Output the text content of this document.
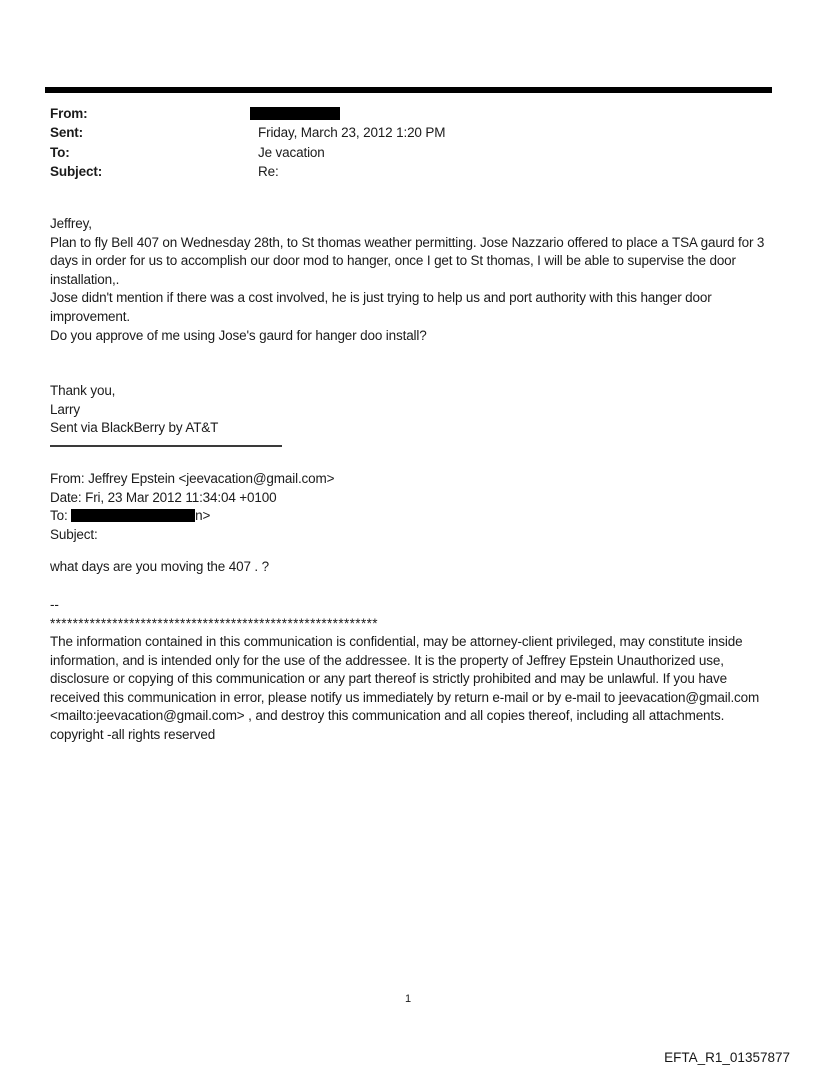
From:
Sent:	Friday, March 23, 2012 1:20 PM
To:	Je vacation
Subject:	Re:
Jeffrey,
Plan to fly Bell 407 on Wednesday 28th, to St thomas weather permitting. Jose Nazzario offered to place a TSA gaurd for 3 days in order for us to accomplish our door mod to hanger, once I get to St thomas, I will be able to supervise the door installation,.
Jose didn't mention if there was a cost involved, he is just trying to help us and port authority with this hanger door improvement.
Do you approve of me using Jose's gaurd for hanger doo install?
Thank you,
Larry
Sent via BlackBerry by AT&T
From: Jeffrey Epstein <jeevacation@gmail.com>
Date: Fri, 23 Mar 2012 11:34:04 +0100
To:	n>
Subject:
what days are you moving the 407 . ?
--
**********************************************************
The information contained in this communication is confidential, may be attorney-client privileged, may constitute inside information, and is intended only for the use of the addressee. It is the property of Jeffrey Epstein Unauthorized use, disclosure or copying of this communication or any part thereof is strictly prohibited and may be unlawful. If you have received this communication in error, please notify us immediately by return e-mail or by e-mail to jeevacation@gmail.com <mailto:jeevacation@gmail.com> , and destroy this communication and all copies thereof, including all attachments. copyright -all rights reserved
1
EFTA_R1_01357877
